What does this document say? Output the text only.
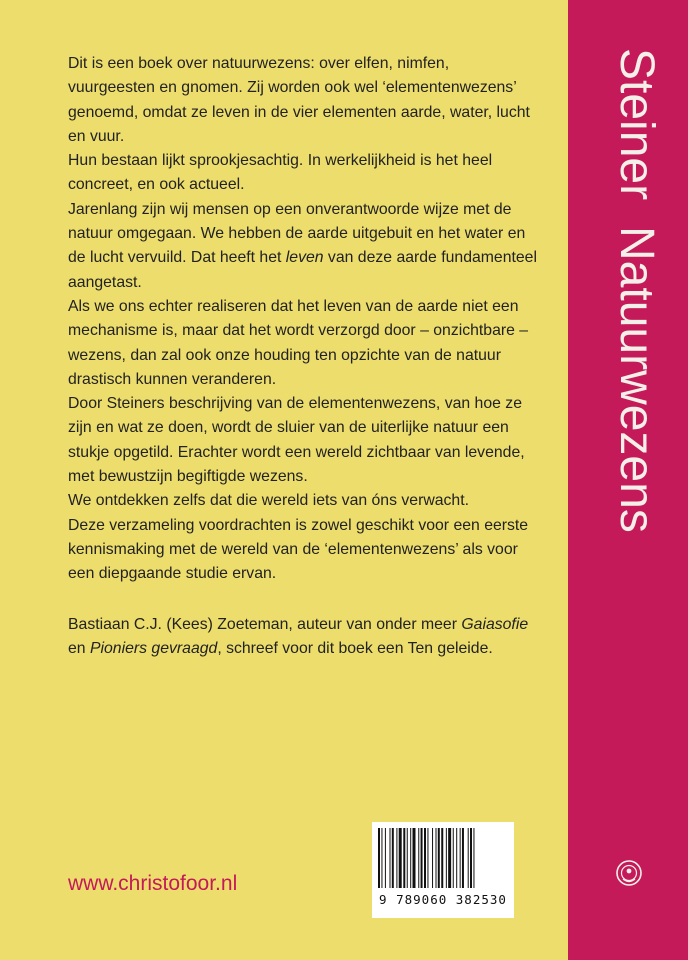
Steiner
Natuurwezens

Dit is een boek over natuurwezens: over elfen, nimfen, vuurgeesten en gnomen. Zij worden ook wel ‘elementenwezens’ genoemd, omdat ze leven in de vier elementen aarde, water, lucht en vuur.

Hun bestaan lijkt sprookjesachtig. In werkelijkheid is het heel concreet, en ook actueel.

Jarenlang zijn wij mensen op een onverantwoorde wijze met de natuur omgegaan. We hebben de aarde uitgebuit en het water en de lucht vervuild. Dat heeft het leven van deze aarde fundamenteel aangetast.

Als we ons echter realiseren dat het leven van de aarde niet een mechanisme is, maar dat het wordt verzorgd door – onzichtbare – wezens, dan zal ook onze houding ten opzichte van de natuur drastisch kunnen veranderen.

Door Steiners beschrijving van de elementenwezens, van hoe ze zijn en wat ze doen, wordt de sluier van de uiterlijke natuur een stukje opgetild. Erachter wordt een wereld zichtbaar van levende, met bewustzijn begiftigde wezens.

We ontdekken zelfs dat die wereld iets van óns verwacht.

Deze verzameling voordrachten is zowel geschikt voor een eerste kennismaking met de wereld van de ‘elementenwezens’ als voor een diepgaande studie ervan.

Bastiaan C.J. (Kees) Zoeteman, auteur van onder meer Gaiasofie en Pioniers gevraagd, schreef voor dit boek een Ten geleide.

9 789060 382530
www.christofoor.nl
